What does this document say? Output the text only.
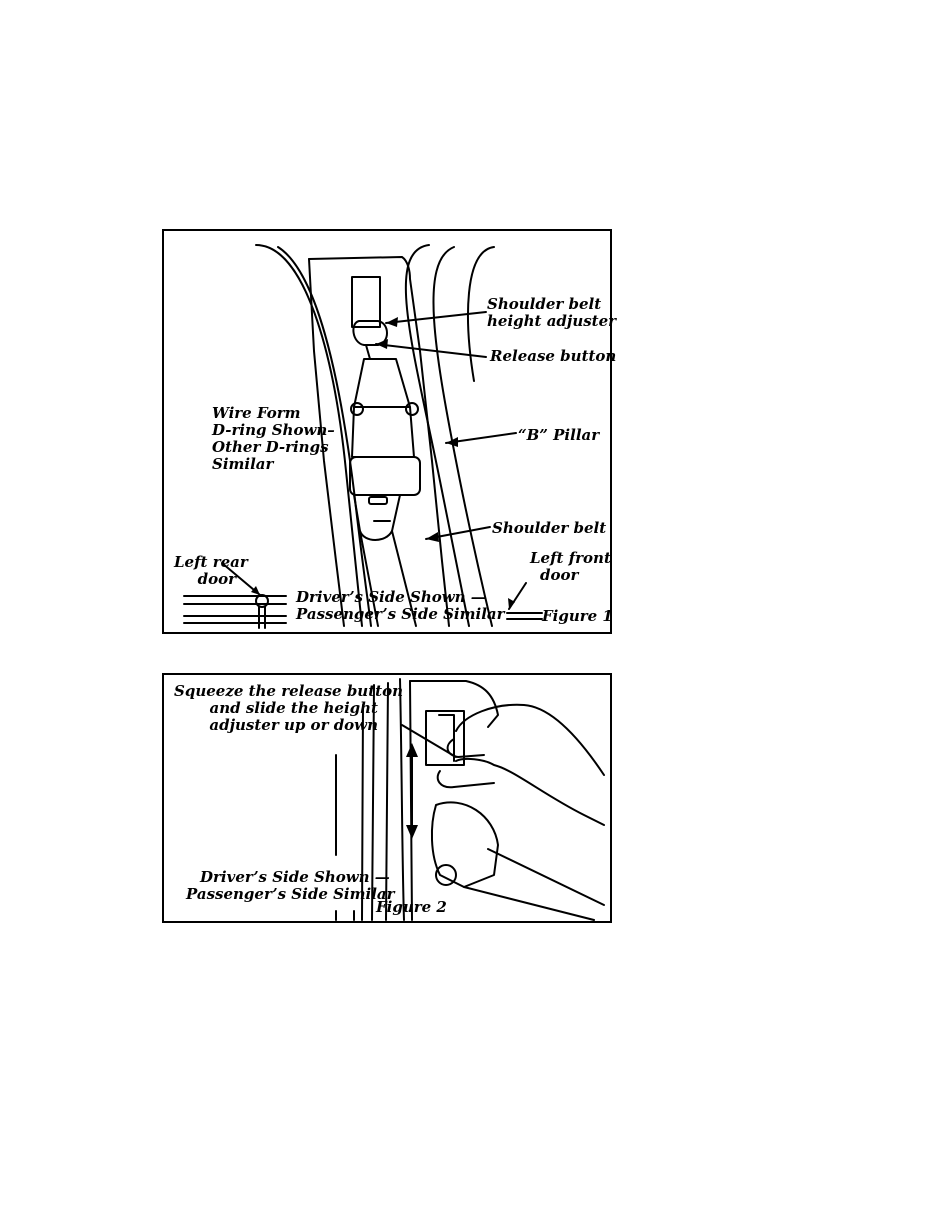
Shoulder belt
height adjuster
Release button
“B” Pillar
Wire Form
D-ring Shown–
Other D-rings
Similar
Shoulder belt
Left front
door
Left rear
door
Driver’s Side Shown —
Passenger’s Side Similar Figure 1
Squeeze the release button
and slide the height
adjuster up or down
Driver’s Side Shown —
Passenger’s Side Similar
Figure 2
